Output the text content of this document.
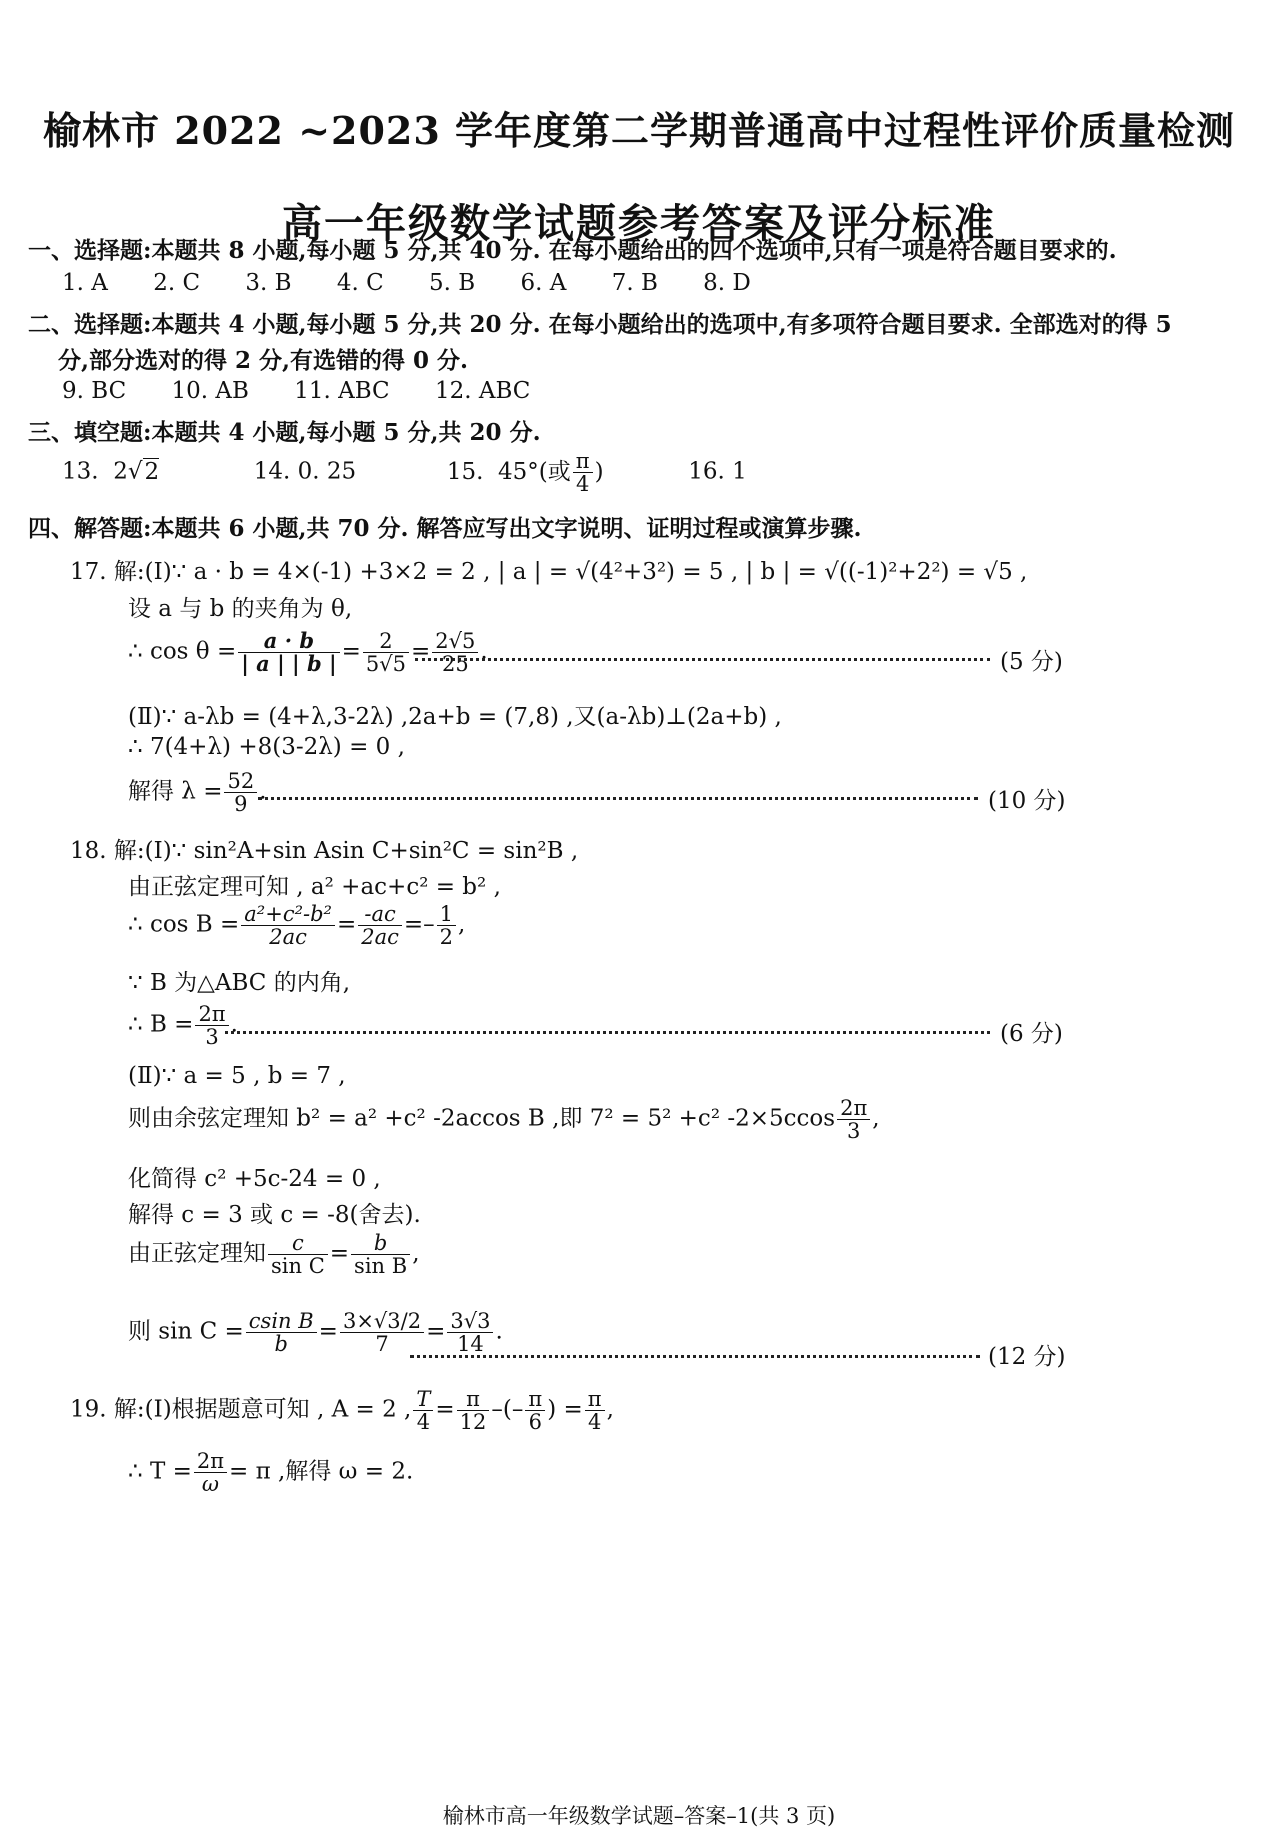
榆林市 2022 ~2023 学年度第二学期普通高中过程性评价质量检测
高一年级数学试题参考答案及评分标准
一、选择题:本题共 8 小题,每小题 5 分,共 40 分. 在每小题给出的四个选项中,只有一项是符合题目要求的.
1. A 2. C 3. B 4. C 5. B 6. A 7. B 8. D
二、选择题:本题共 4 小题,每小题 5 分,共 20 分. 在每小题给出的选项中,有多项符合题目要求. 全部选对的得 5
分,部分选对的得 2 分,有选错的得 0 分.
9. BC 10. AB 11. ABC 12. ABC
三、填空题:本题共 4 小题,每小题 5 分,共 20 分.
13. 2√2	14. 0. 25	15. 45°(或 $\frac{\pi}{4}$ )	16. 1
四、解答题:本题共 6 小题,共 70 分. 解答应写出文字说明、证明过程或演算步骤.
17. 解:(Ⅰ)∵ a · b = 4×(-1) +3×2 = 2 , | a | = √(4²+3²) = 5 , | b | = √((-1)²+2²) = √5 ,
设 a 与 b 的夹角为 θ,
∴ $\cos \theta = \frac{a \cdot b}{| a | | b |} = \frac{2}{5√5} = \frac{2√5}{25}$ .	(5 分)
(Ⅱ)∵ a-λb = (4+λ,3-2λ) ,2a+b = (7,8) ,又(a-λb)⊥(2a+b) ,
∴ 7(4+λ) +8(3-2λ) = 0 ,
解得 $\lambda = \frac{52}{9}$ .	(10 分)
18. 解:(Ⅰ)∵ sin²A+sin Asin C+sin²C = sin²B ,
由正弦定理可知 , a² +ac+c² = b² ,
∴ $\cos B = \frac{\text{a²+c²-b²}}{2ac} = \frac{-ac}{2ac} =- \frac{1}{2}$ ,
∵ B 为△ABC 的内角,
∴ $B = \frac{2\pi}{3}$ .	(6 分)
(Ⅱ)∵ a = 5 , b = 7 ,
则由余弦定理知 b² = a² +c² -2accos B ,即 7² = 5² +c² $-2\times 5ccos \frac{2\pi}{3}$ ,
化简得 c² +5c-24 = 0 ,
解得 c = 3 或 c = -8(舍去).
由正弦定理知 $\frac{c}{\text{sin C}} = \frac{b}{\text{sin B}}$ ,
则 $\sin C = \frac{\text{csin B}}{b} = \frac{3\times√3/2}{7} = \frac{3√3}{14}$ .
(12 分)
19. 解:(Ⅰ)根据题意可知 , A = 2 , $\frac{T}{4} = \frac{\pi}{12}$ –(– $\frac{\pi}{6}$ ) = $\frac{\pi}{4}$ ,
∴ $T = \frac{2\pi}{\omega} = \pi$ ,解得 ω = 2.
榆林市高一年级数学试题–答案–1(共 3 页)
